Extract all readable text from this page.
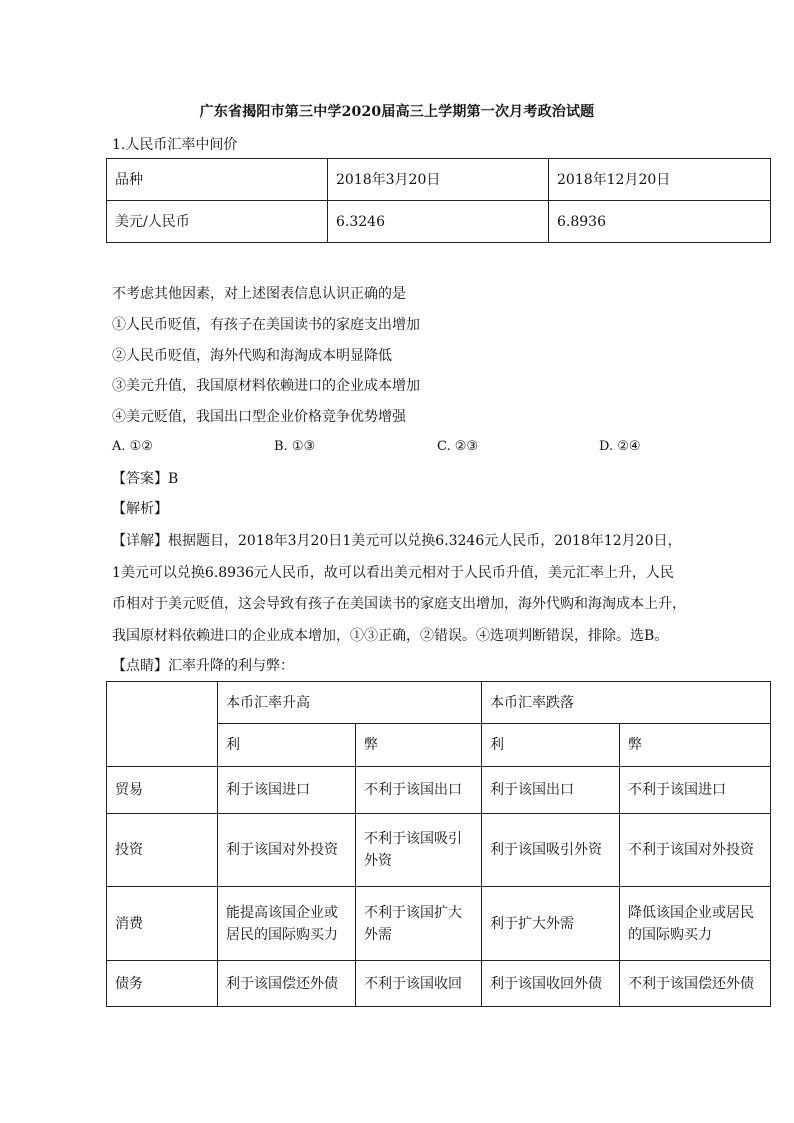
广东省揭阳市第三中学2020届高三上学期第一次月考政治试题
1.人民币汇率中间价
品种	2018年3月20日	2018年12月20日
美元/人民币	6.3246	6.8936
不考虑其他因素，对上述图表信息认识正确的是
①人民币贬值，有孩子在美国读书的家庭支出增加
②人民币贬值，海外代购和海淘成本明显降低
③美元升值，我国原材料依赖进口的企业成本增加
④美元贬值，我国出口型企业价格竞争优势增强
A. ①②	B. ①③	C. ②③	D. ②④
【答案】B
【解析】
【详解】根据题目，2018年3月20日1美元可以兑换6.3246元人民币，2018年12月20日，
1美元可以兑换6.8936元人民币，故可以看出美元相对于人民币升值，美元汇率上升，人民
币相对于美元贬值，这会导致有孩子在美国读书的家庭支出增加，海外代购和海淘成本上升，
我国原材料依赖进口的企业成本增加，①③正确，②错误。④选项判断错误，排除。选B。
【点睛】汇率升降的利与弊：
	本币汇率升高		本币汇率跌落	
	利	弊	利	弊
贸易	利于该国进口	不利于该国出口	利于该国出口	不利于该国进口
投资	利于该国对外投资	不利于该国吸引外资	利于该国吸引外资	不利于该国对外投资
消费	能提高该国企业或居民的国际购买力	不利于该国扩大外需	利于扩大外需	降低该国企业或居民的国际购买力
债务	利于该国偿还外债	不利于该国收回	利于该国收回外债	不利于该国偿还外债
